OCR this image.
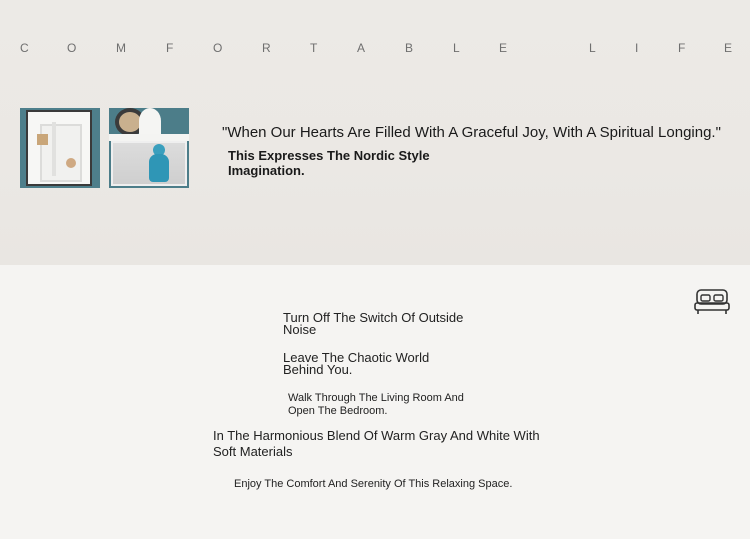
C	O	M	F	O	R	T	A	B	L	E	L	I	F	E
"When Our Hearts Are Filled With A Graceful Joy, With A Spiritual Longing."
This Expresses The Nordic Style Imagination.
Turn Off The Switch Of Outside Noise
Leave The Chaotic World Behind You.
Walk Through The Living Room And Open The Bedroom.
In The Harmonious Blend Of Warm Gray And White With Soft Materials
Enjoy The Comfort And Serenity Of This Relaxing Space.
